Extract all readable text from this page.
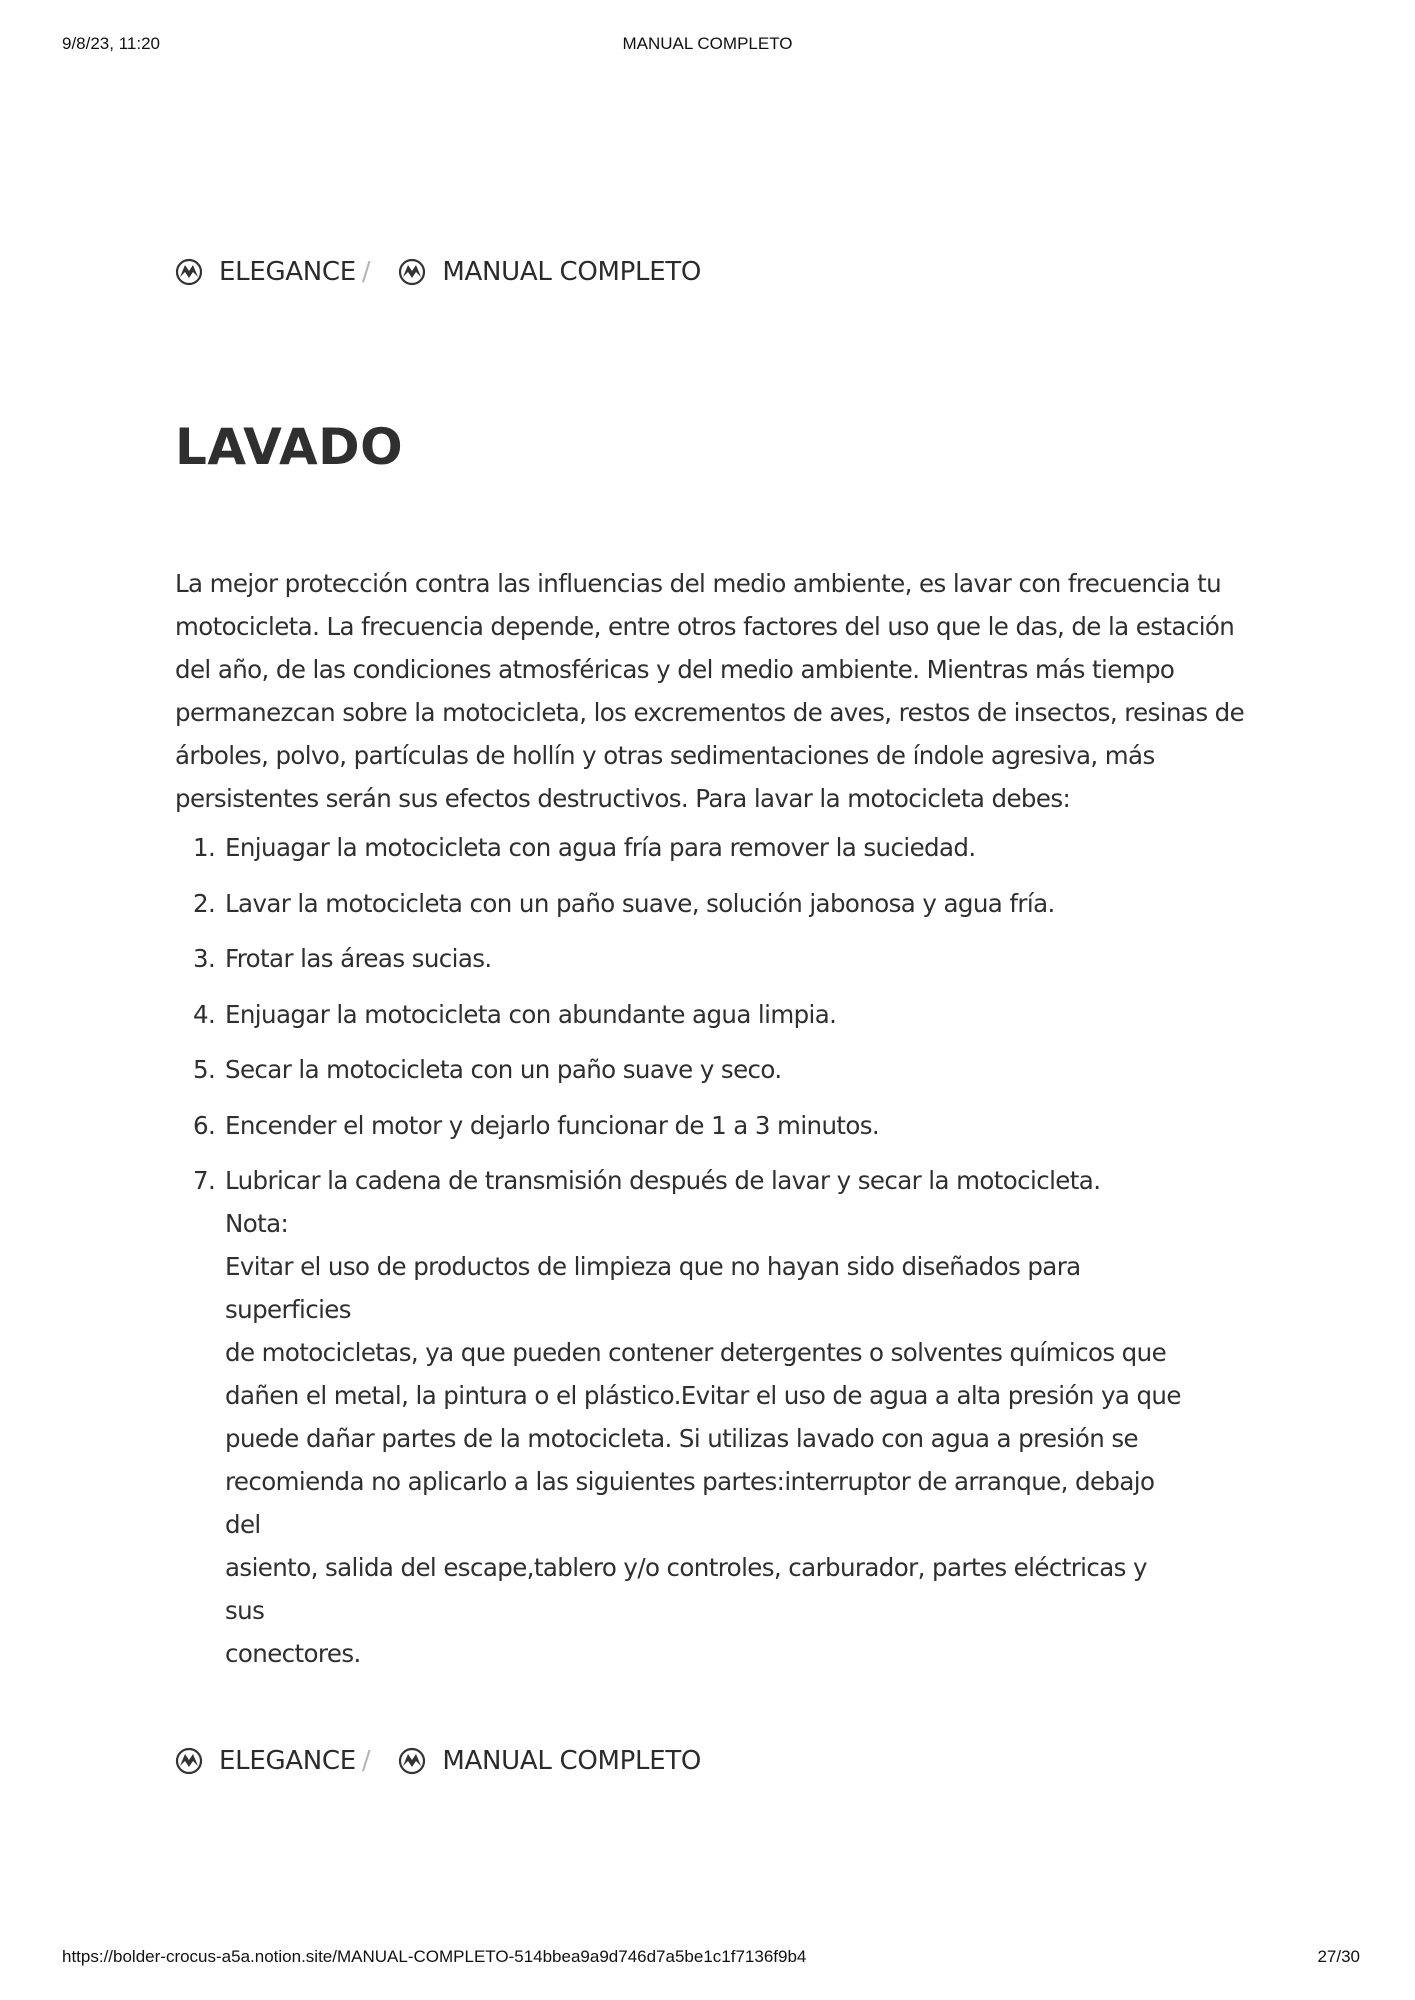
9/8/23, 11:20	MANUAL COMPLETO
ELEGANCE /	MANUAL COMPLETO
LAVADO

La mejor protección contra las influencias del medio ambiente, es lavar con frecuencia tu motocicleta. La frecuencia depende, entre otros factores del uso que le das, de la estación del año, de las condiciones atmosféricas y del medio ambiente. Mientras más tiempo permanezcan sobre la motocicleta, los excrementos de aves, restos de insectos, resinas de árboles, polvo, partículas de hollín y otras sedimentaciones de índole agresiva, más persistentes serán sus efectos destructivos. Para lavar la motocicleta debes:

1. Enjuagar la motocicleta con agua fría para remover la suciedad.
2. Lavar la motocicleta con un paño suave, solución jabonosa y agua fría.
3. Frotar las áreas sucias.
4. Enjuagar la motocicleta con abundante agua limpia.
5. Secar la motocicleta con un paño suave y seco.
6. Encender el motor y dejarlo funcionar de 1 a 3 minutos.
7. Lubricar la cadena de transmisión después de lavar y secar la motocicleta.
Nota:
Evitar el uso de productos de limpieza que no hayan sido diseñados para
superficies
de motocicletas, ya que pueden contener detergentes o solventes químicos que
dañen el metal, la pintura o el plástico.Evitar el uso de agua a alta presión ya que
puede dañar partes de la motocicleta. Si utilizas lavado con agua a presión se
recomienda no aplicarlo a las siguientes partes:interruptor de arranque, debajo
del
asiento, salida del escape,tablero y/o controles, carburador, partes eléctricas y
sus
conectores.
ELEGANCE /	MANUAL COMPLETO
https://bolder-crocus-a5a.notion.site/MANUAL-COMPLETO-514bbea9a9d746d7a5be1c1f7136f9b4	27/30
